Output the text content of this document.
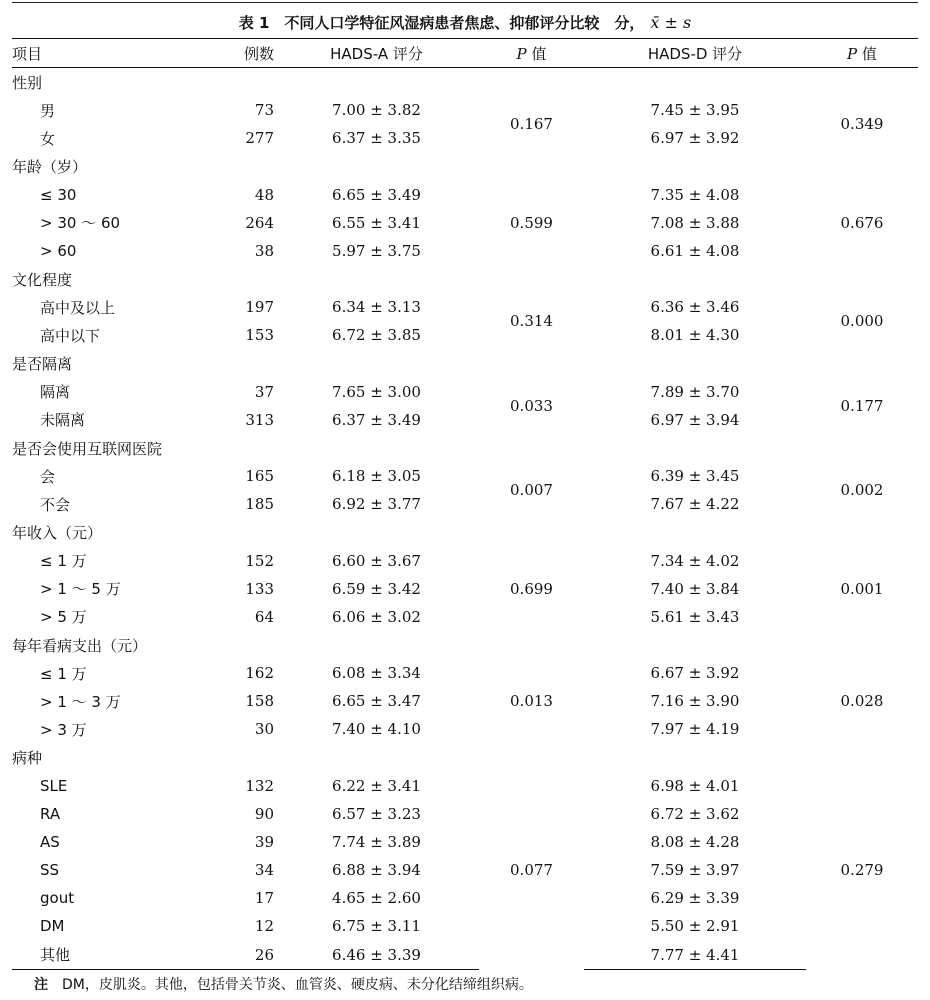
表 1　不同人口学特征风湿病患者焦虑、抑郁评分比较　分， x̄ ± s
项目	例数	HADS-A 评分	P 值	HADS-D 评分	P 值
性别					
男	73	7.00 ± 3.82	0.167	7.45 ± 3.95	0.349
女	277	6.37 ± 3.35		6.97 ± 3.92	
年龄（岁）					
≤ 30	48	6.65 ± 3.49	0.599	7.35 ± 4.08	0.676
> 30 ～ 60	264	6.55 ± 3.41		7.08 ± 3.88	
> 60	38	5.97 ± 3.75		6.61 ± 4.08	
文化程度					
高中及以上	197	6.34 ± 3.13	0.314	6.36 ± 3.46	0.000
高中以下	153	6.72 ± 3.85		8.01 ± 4.30	
是否隔离					
隔离	37	7.65 ± 3.00	0.033	7.89 ± 3.70	0.177
未隔离	313	6.37 ± 3.49		6.97 ± 3.94	
是否会使用互联网医院					
会	165	6.18 ± 3.05	0.007	6.39 ± 3.45	0.002
不会	185	6.92 ± 3.77		7.67 ± 4.22	
年收入（元）					
≤ 1 万	152	6.60 ± 3.67	0.699	7.34 ± 4.02	0.001
> 1 ～ 5 万	133	6.59 ± 3.42		7.40 ± 3.84	
> 5 万	64	6.06 ± 3.02		5.61 ± 3.43	
每年看病支出（元）					
≤ 1 万	162	6.08 ± 3.34	0.013	6.67 ± 3.92	0.028
> 1 ～ 3 万	158	6.65 ± 3.47		7.16 ± 3.90	
> 3 万	30	7.40 ± 4.10		7.97 ± 4.19	
病种					
SLE	132	6.22 ± 3.41	0.077	6.98 ± 4.01	0.279
RA	90	6.57 ± 3.23		6.72 ± 3.62	
AS	39	7.74 ± 3.89		8.08 ± 4.28	
SS	34	6.88 ± 3.94		7.59 ± 3.97	
gout	17	4.65 ± 2.60		6.29 ± 3.39	
DM	12	6.75 ± 3.11		5.50 ± 2.91	
其他	26	6.46 ± 3.39		7.77 ± 4.41	
注 DM，皮肌炎。其他，包括骨关节炎、血管炎、硬皮病、未分化结缔组织病。
